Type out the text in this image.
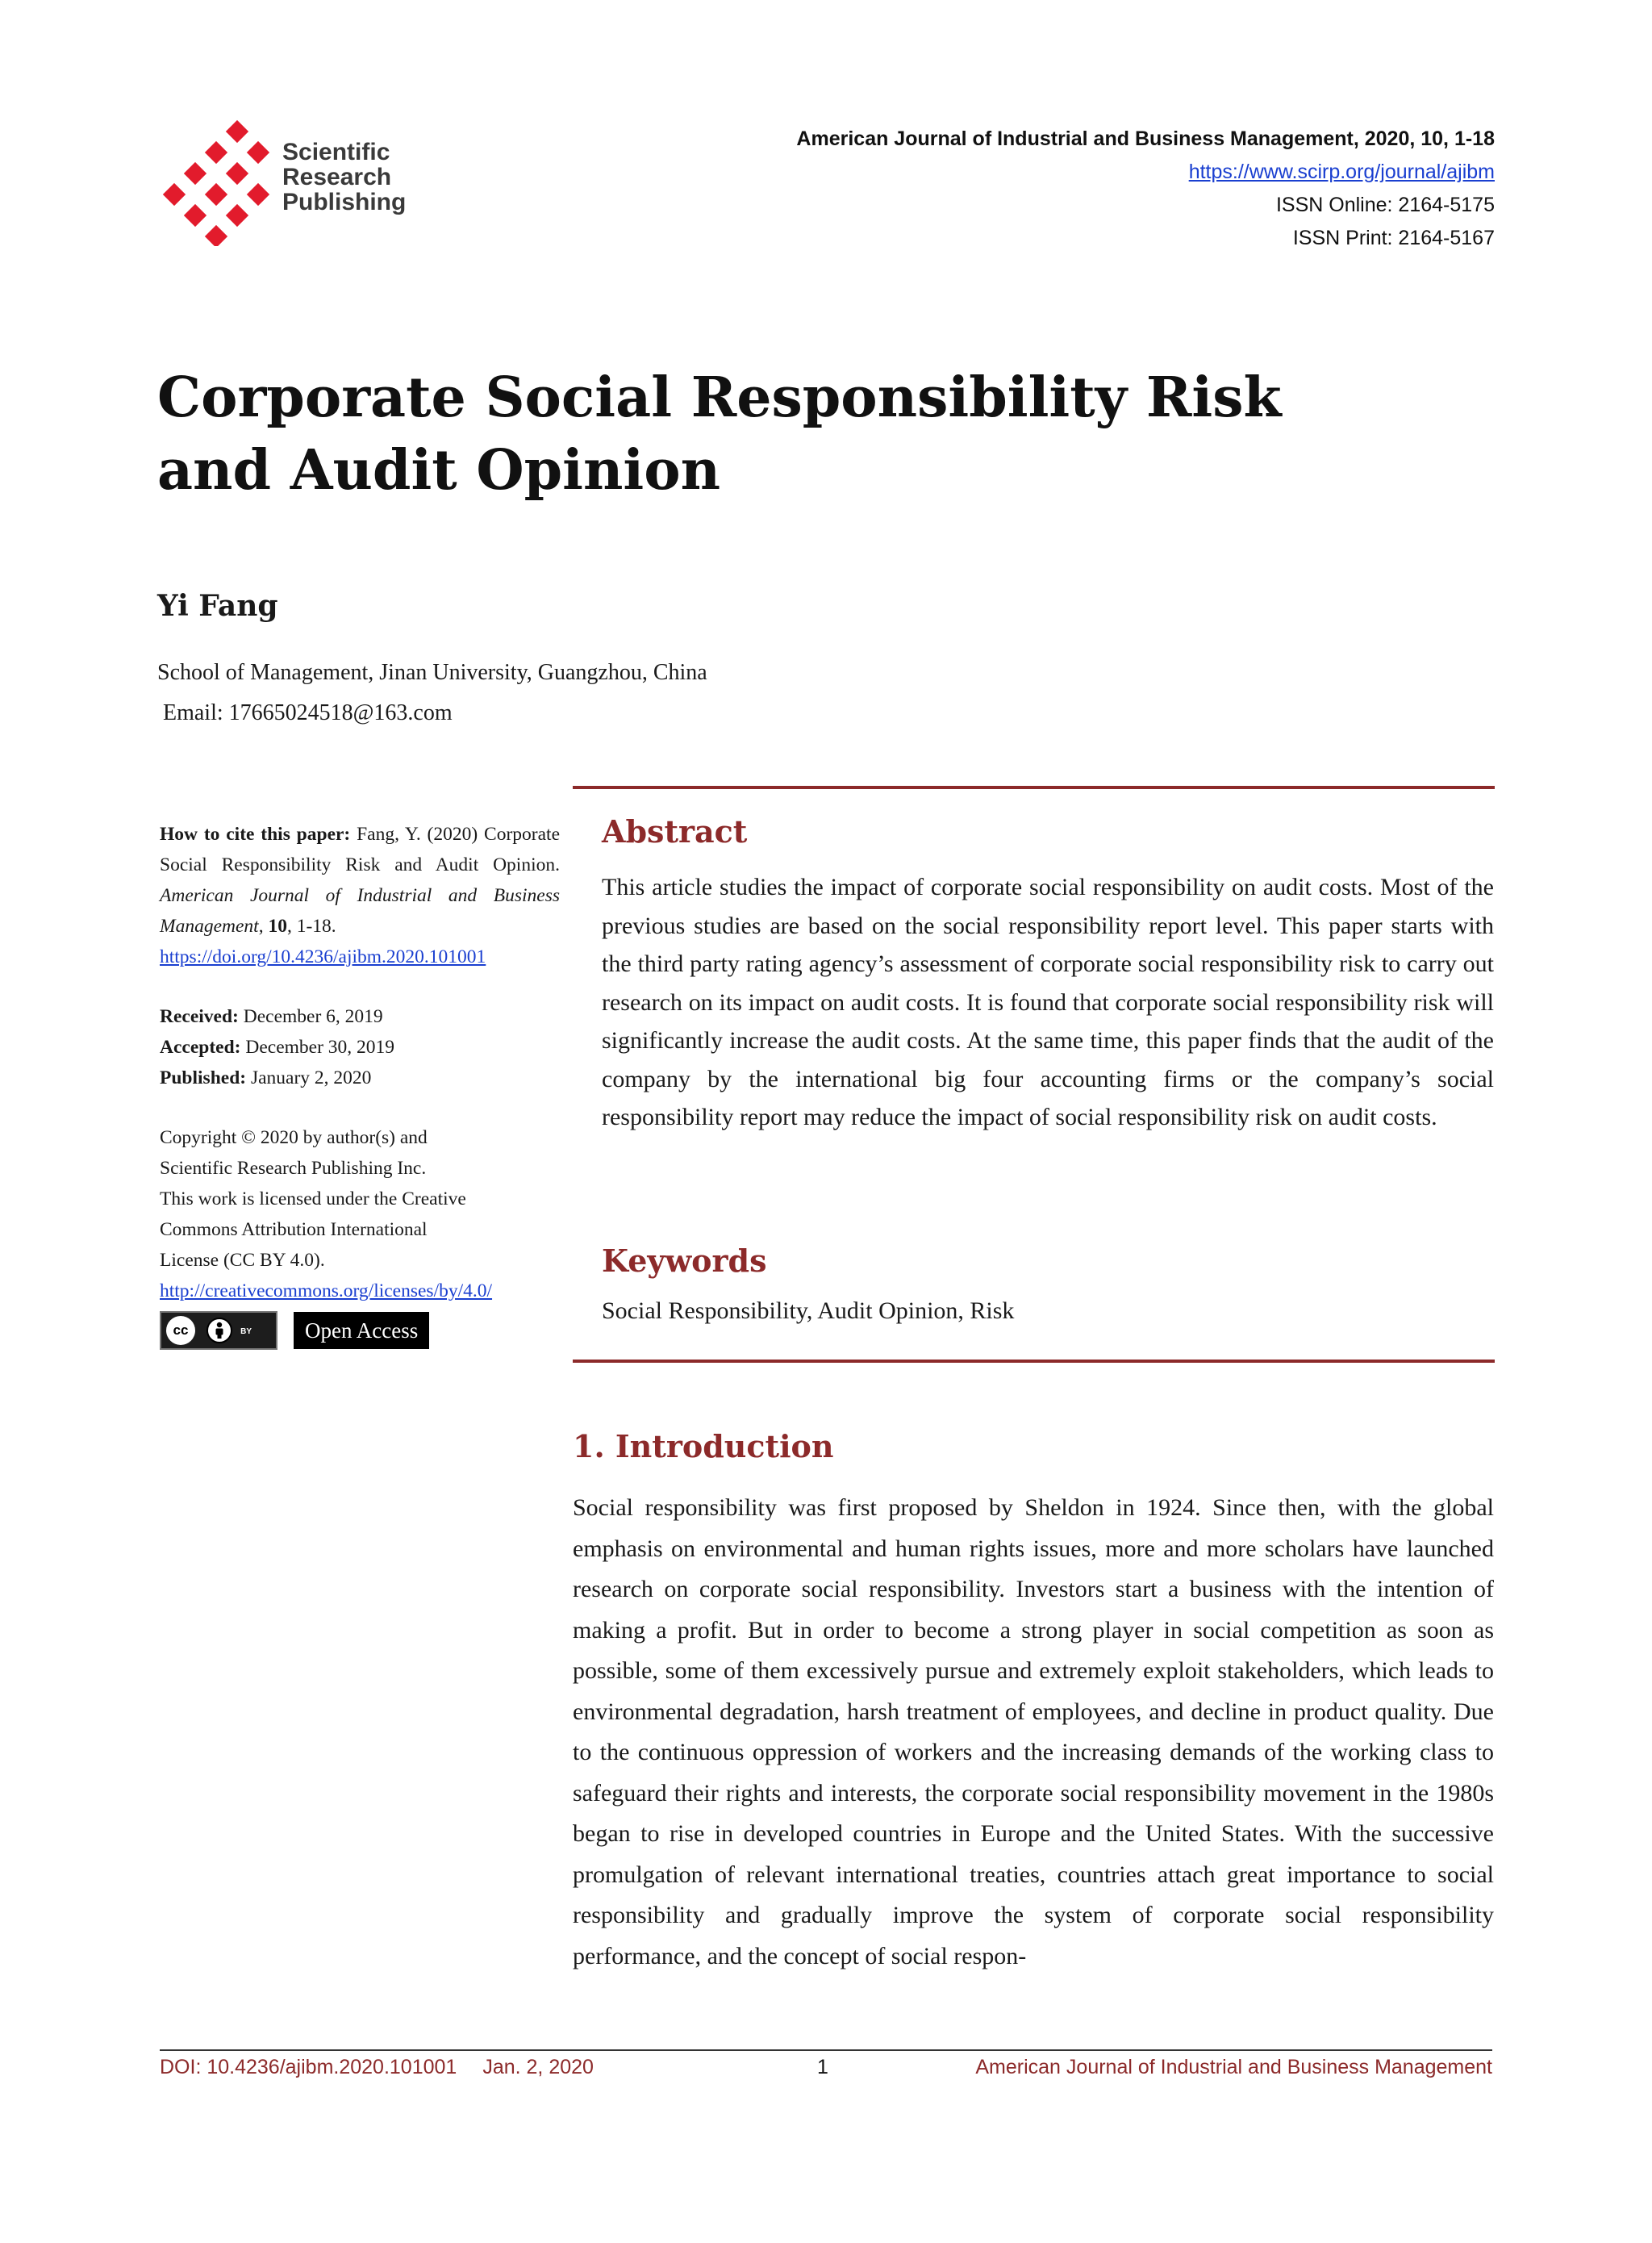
Scientific
Research
Publishing
American Journal of Industrial and Business Management, 2020, 10, 1-18
https://www.scirp.org/journal/ajibm
ISSN Online: 2164-5175
ISSN Print: 2164-5167
Corporate Social Responsibility Risk
and Audit Opinion
Yi Fang
School of Management, Jinan University, Guangzhou, China
Email: 17665024518@163.com
How to cite this paper: Fang, Y. (2020) Corporate Social Responsibility Risk and Audit Opinion. American Journal of Industrial and Business Management, 10, 1-18.
https://doi.org/10.4236/ajibm.2020.101001
Received: December 6, 2019
Accepted: December 30, 2019
Published: January 2, 2020
Copyright © 2020 by author(s) and
Scientific Research Publishing Inc.
This work is licensed under the Creative
Commons Attribution International
License (CC BY 4.0).
http://creativecommons.org/licenses/by/4.0/
cc	BY	Open Access
Abstract
This article studies the impact of corporate social responsibility on audit costs. Most of the previous studies are based on the social responsibility report level. This paper starts with the third party rating agency’s assessment of corporate social responsibility risk to carry out research on its impact on audit costs. It is found that corporate social responsibility risk will significantly increase the audit costs. At the same time, this paper finds that the audit of the company by the international big four accounting firms or the company’s social responsibility report may reduce the impact of social responsibility risk on audit costs.
Keywords
Social Responsibility, Audit Opinion, Risk
1. Introduction
Social responsibility was first proposed by Sheldon in 1924. Since then, with the global emphasis on environmental and human rights issues, more and more scholars have launched research on corporate social responsibility. Investors start a business with the intention of making a profit. But in order to become a strong player in social competition as soon as possible, some of them excessively pursue and extremely exploit stakeholders, which leads to environmental degradation, harsh treatment of employees, and decline in product quality. Due to the continuous oppression of workers and the increasing demands of the working class to safeguard their rights and interests, the corporate social responsibility movement in the 1980s began to rise in developed countries in Europe and the United States. With the successive promulgation of relevant international treaties, countries attach great importance to social responsibility and gradually improve the system of corporate social responsibility performance, and the concept of social respon-
DOI: 10.4236/ajibm.2020.101001 Jan. 2, 2020	1	American Journal of Industrial and Business Management
